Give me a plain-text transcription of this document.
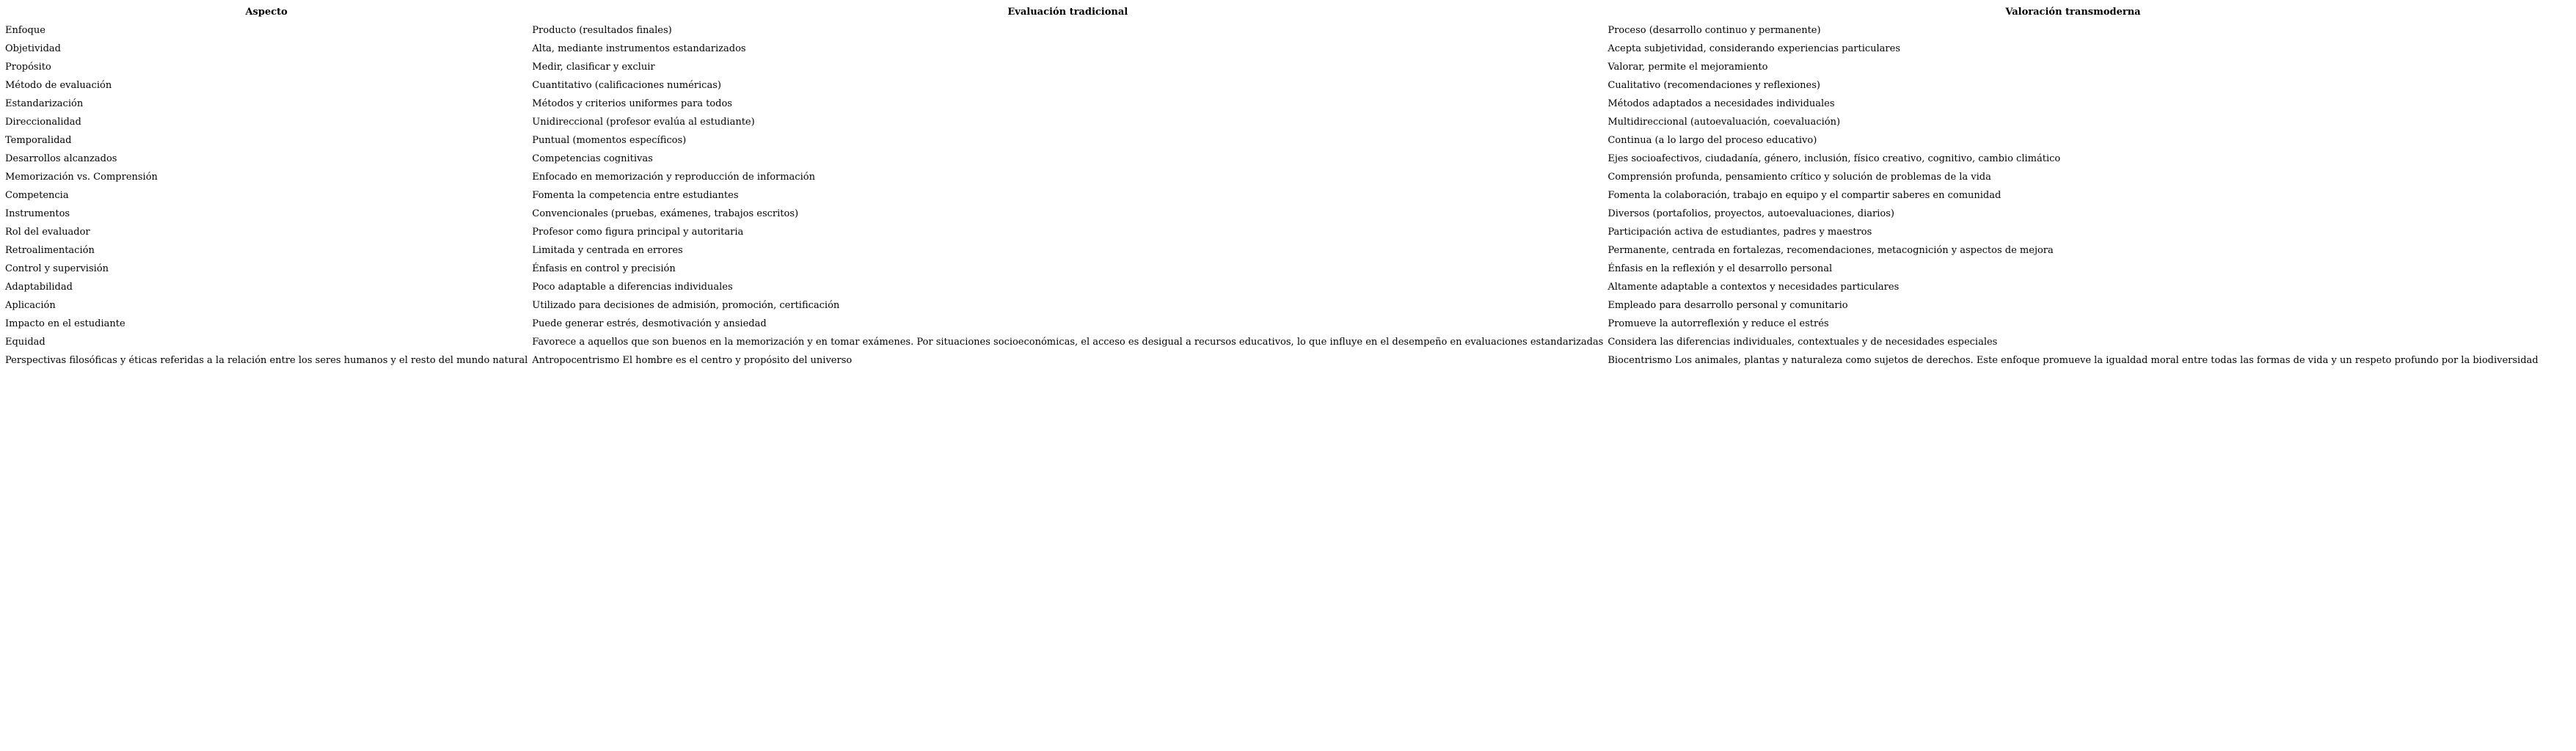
Aspecto	Evaluación tradicional	Valoración transmoderna
Enfoque	Producto (resultados finales)	Proceso (desarrollo continuo y permanente)
Objetividad	Alta, mediante instrumentos estandarizados	Acepta subjetividad, considerando experiencias particulares
Propósito	Medir, clasificar y excluir	Valorar, permite el mejoramiento
Método de evaluación	Cuantitativo (calificaciones numéricas)	Cualitativo (recomendaciones y reflexiones)
Estandarización	Métodos y criterios uniformes para todos	Métodos adaptados a necesidades individuales
Direccionalidad	Unidireccional (profesor evalúa al estudiante)	Multidireccional (autoevaluación, coevaluación)
Temporalidad	Puntual (momentos específicos)	Continua (a lo largo del proceso educativo)
Desarrollos alcanzados	Competencias cognitivas	Ejes socioafectivos, ciudadanía, género, inclusión, físico creativo, cognitivo, cambio climático
Memorización vs. Comprensión	Enfocado en memorización y reproducción de información	Comprensión profunda, pensamiento crítico y solución de problemas de la vida
Competencia	Fomenta la competencia entre estudiantes	Fomenta la colaboración, trabajo en equipo y el compartir saberes en comunidad
Instrumentos	Convencionales (pruebas, exámenes, trabajos escritos)	Diversos (portafolios, proyectos, autoevaluaciones, diarios)
Rol del evaluador	Profesor como figura principal y autoritaria	Participación activa de estudiantes, padres y maestros
Retroalimentación	Limitada y centrada en errores	Permanente, centrada en fortalezas, recomendaciones, metacognición y aspectos de mejora
Control y supervisión	Énfasis en control y precisión	Énfasis en la reflexión y el desarrollo personal
Adaptabilidad	Poco adaptable a diferencias individuales	Altamente adaptable a contextos y necesidades particulares
Aplicación	Utilizado para decisiones de admisión, promoción, certificación	Empleado para desarrollo personal y comunitario
Impacto en el estudiante	Puede generar estrés, desmotivación y ansiedad	Promueve la autorreflexión y reduce el estrés
Equidad	Favorece a aquellos que son buenos en la memorización y en tomar exámenes. Por situaciones socioeconómicas, el acceso es desigual a recursos educativos, lo que influye en el desempeño en evaluaciones estandarizadas	Considera las diferencias individuales, contextuales y de necesidades especiales
Perspectivas filosóficas y éticas referidas a la relación entre los seres humanos y el resto del mundo natural	Antropocentrismo El hombre es el centro y propósito del universo	Biocentrismo Los animales, plantas y naturaleza como sujetos de derechos. Este enfoque promueve la igualdad moral entre todas las formas de vida y un respeto profundo por la biodiversidad
